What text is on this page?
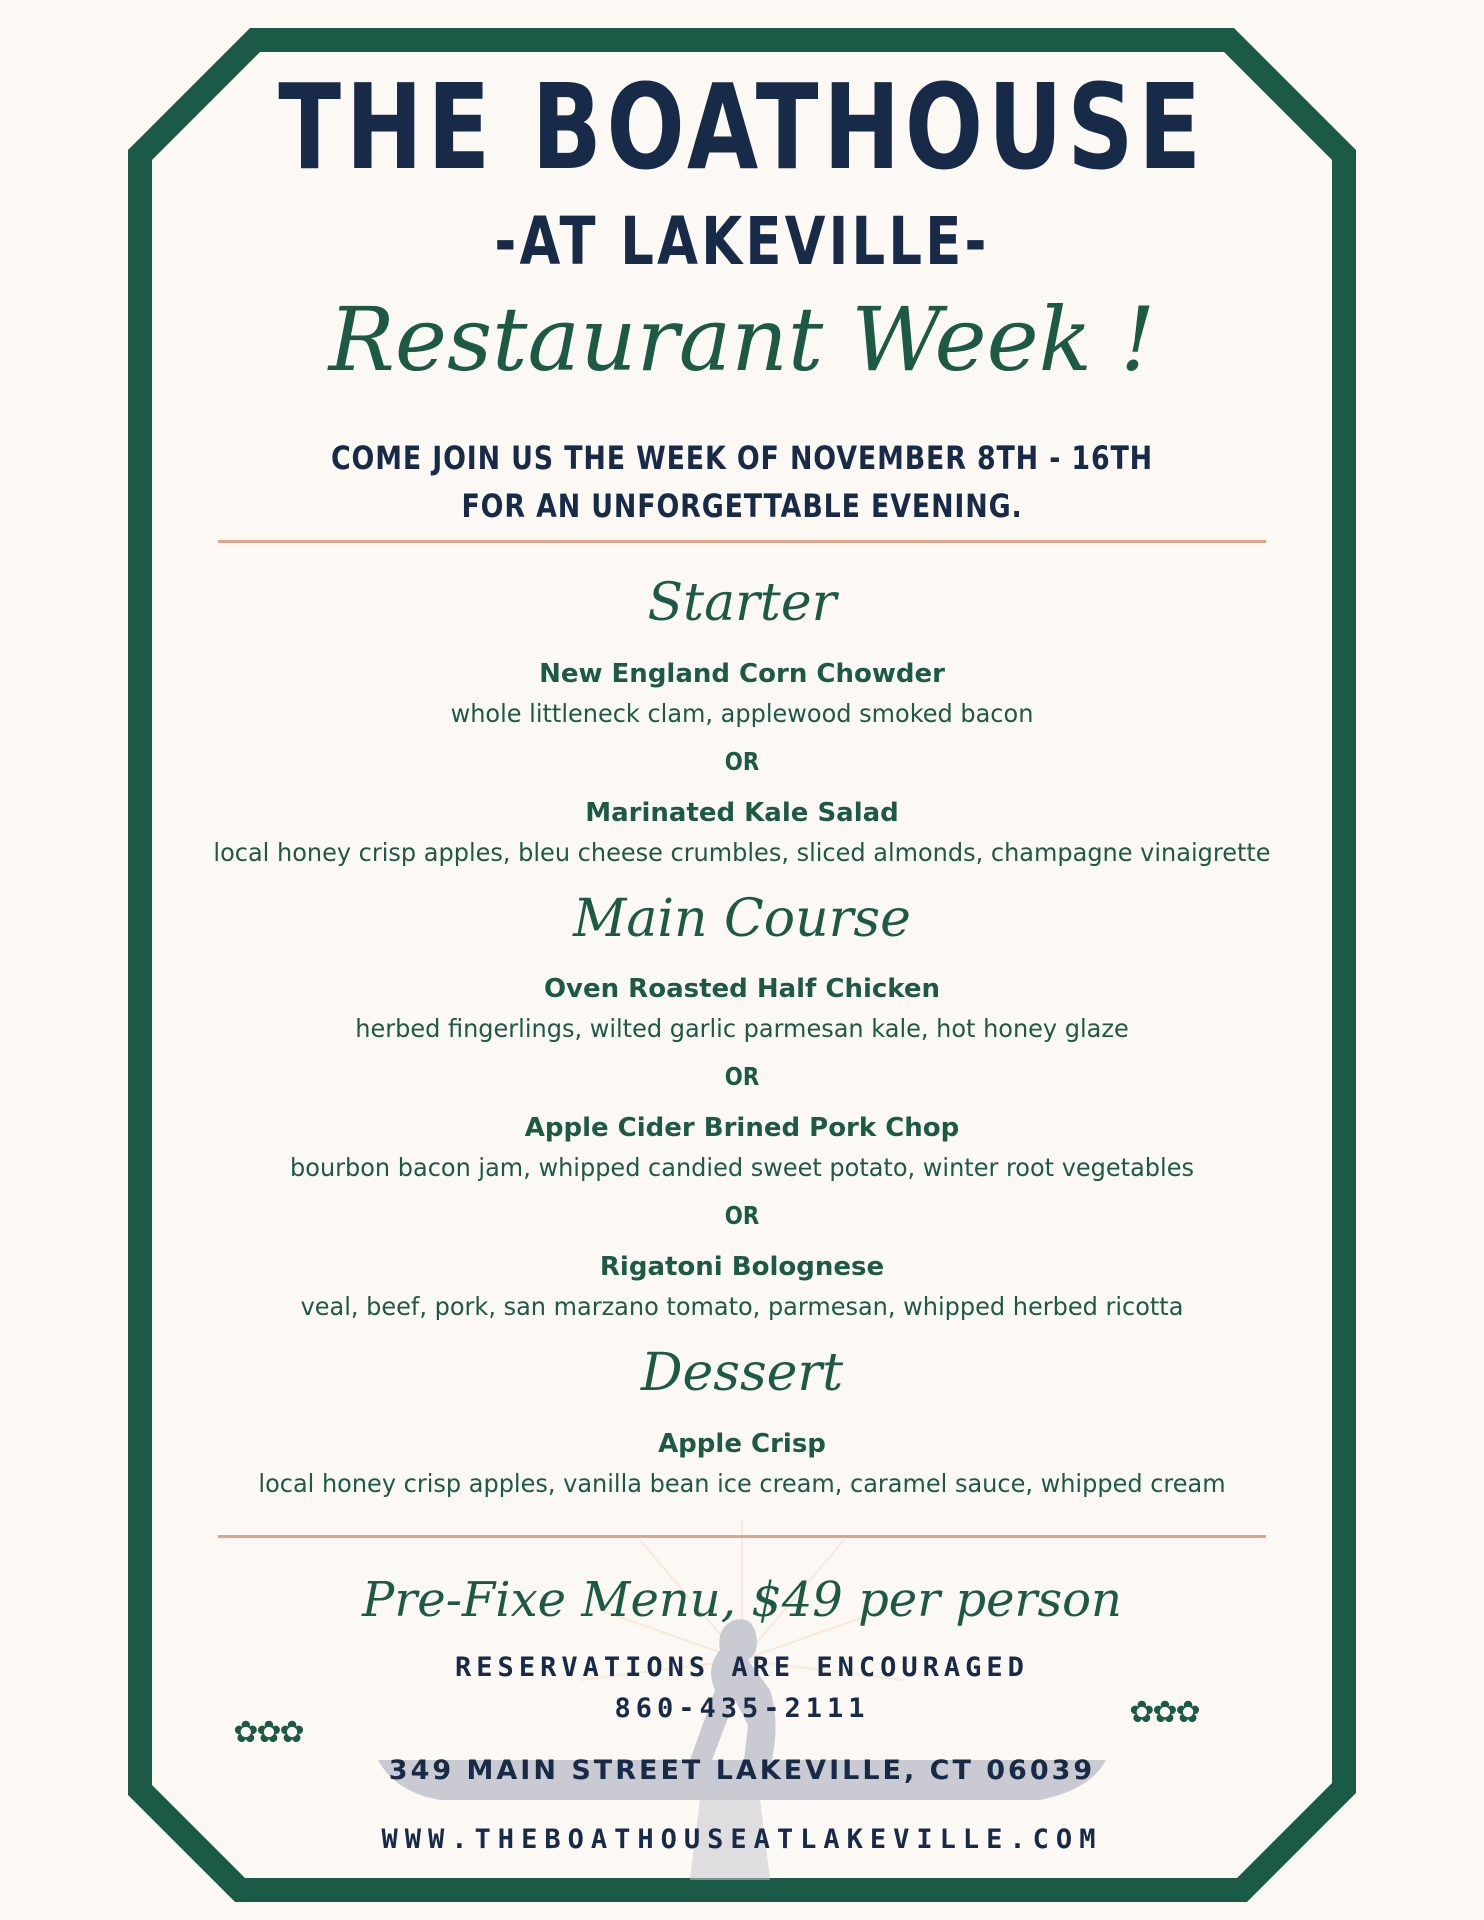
THE BOATHOUSE
-AT LAKEVILLE-
Restaurant Week !
COME JOIN US THE WEEK OF NOVEMBER 8TH - 16TH
FOR AN UNFORGETTABLE EVENING.
Starter
New England Corn Chowder
whole littleneck clam, applewood smoked bacon
OR
Marinated Kale Salad
local honey crisp apples, bleu cheese crumbles, sliced almonds, champagne vinaigrette
Main Course
Oven Roasted Half Chicken
herbed fingerlings, wilted garlic parmesan kale, hot honey glaze
OR
Apple Cider Brined Pork Chop
bourbon bacon jam, whipped candied sweet potato, winter root vegetables
OR
Rigatoni Bolognese
veal, beef, pork, san marzano tomato, parmesan, whipped herbed ricotta
Dessert
Apple Crisp
local honey crisp apples, vanilla bean ice cream, caramel sauce, whipped cream
Pre-Fixe Menu, $49 per person
RESERVATIONS ARE ENCOURAGED
860-435-2111
349 MAIN STREET LAKEVILLE, CT 06039
WWW.THEBOATHOUSEATLAKEVILLE.COM
✿✿✿
✿✿✿
